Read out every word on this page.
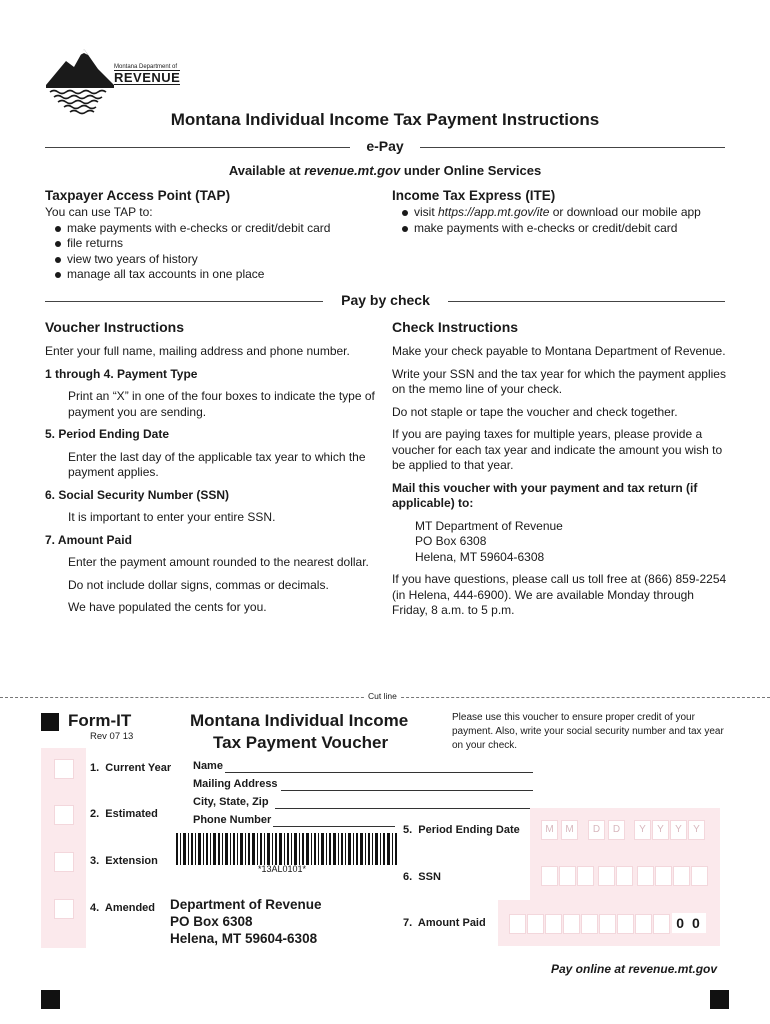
Montana Department of
REVENUE
Montana Individual Income Tax Payment Instructions
e-Pay
Available at revenue.mt.gov under Online Services
Taxpayer Access Point (TAP)
You can use TAP to:
make payments with e-checks or credit/debit card
file returns
view two years of history
manage all tax accounts in one place
Income Tax Express (ITE)
visit https://app.mt.gov/ite or download our mobile app
make payments with e-checks or credit/debit card
Pay by check
Voucher Instructions
Enter your full name, mailing address and phone number.
1 through 4. Payment Type
Print an “X” in one of the four boxes to indicate the type of payment you are sending.
5. Period Ending Date
Enter the last day of the applicable tax year to which the payment applies.
6. Social Security Number (SSN)
It is important to enter your entire SSN.
7. Amount Paid
Enter the payment amount rounded to the nearest dollar.
Do not include dollar signs, commas or decimals.
We have populated the cents for you.
Check Instructions
Make your check payable to Montana Department of Revenue.
Write your SSN and the tax year for which the payment applies on the memo line of your check.
Do not staple or tape the voucher and check together.
If you are paying taxes for multiple years, please provide a voucher for each tax year and indicate the amount you wish to be applied to that year.
Mail this voucher with your payment and tax return (if applicable) to:
MT Department of Revenue
PO Box 6308
Helena, MT 59604-6308
If you have questions, please call us toll free at (866) 859-2254 (in Helena, 444-6900). We are available Monday through Friday, 8 a.m. to 5 p.m.
Cut line
Form-IT
Rev 07 13
Montana Individual Income
Tax Payment Voucher
Please use this voucher to ensure proper credit of your payment. Also, write your social security number and tax year on your check.
1.  Current Year
2.  Estimated
3.  Extension
4.  Amended
Name
Mailing Address
City, State, Zip
Phone Number
*13AL0101*
Department of Revenue
PO Box 6308
Helena, MT 59604-6308
5.  Period Ending Date	M	M	D	D	Y	Y	Y	Y
6.  SSN
7.  Amount Paid	0 0
Pay online at revenue.mt.gov
